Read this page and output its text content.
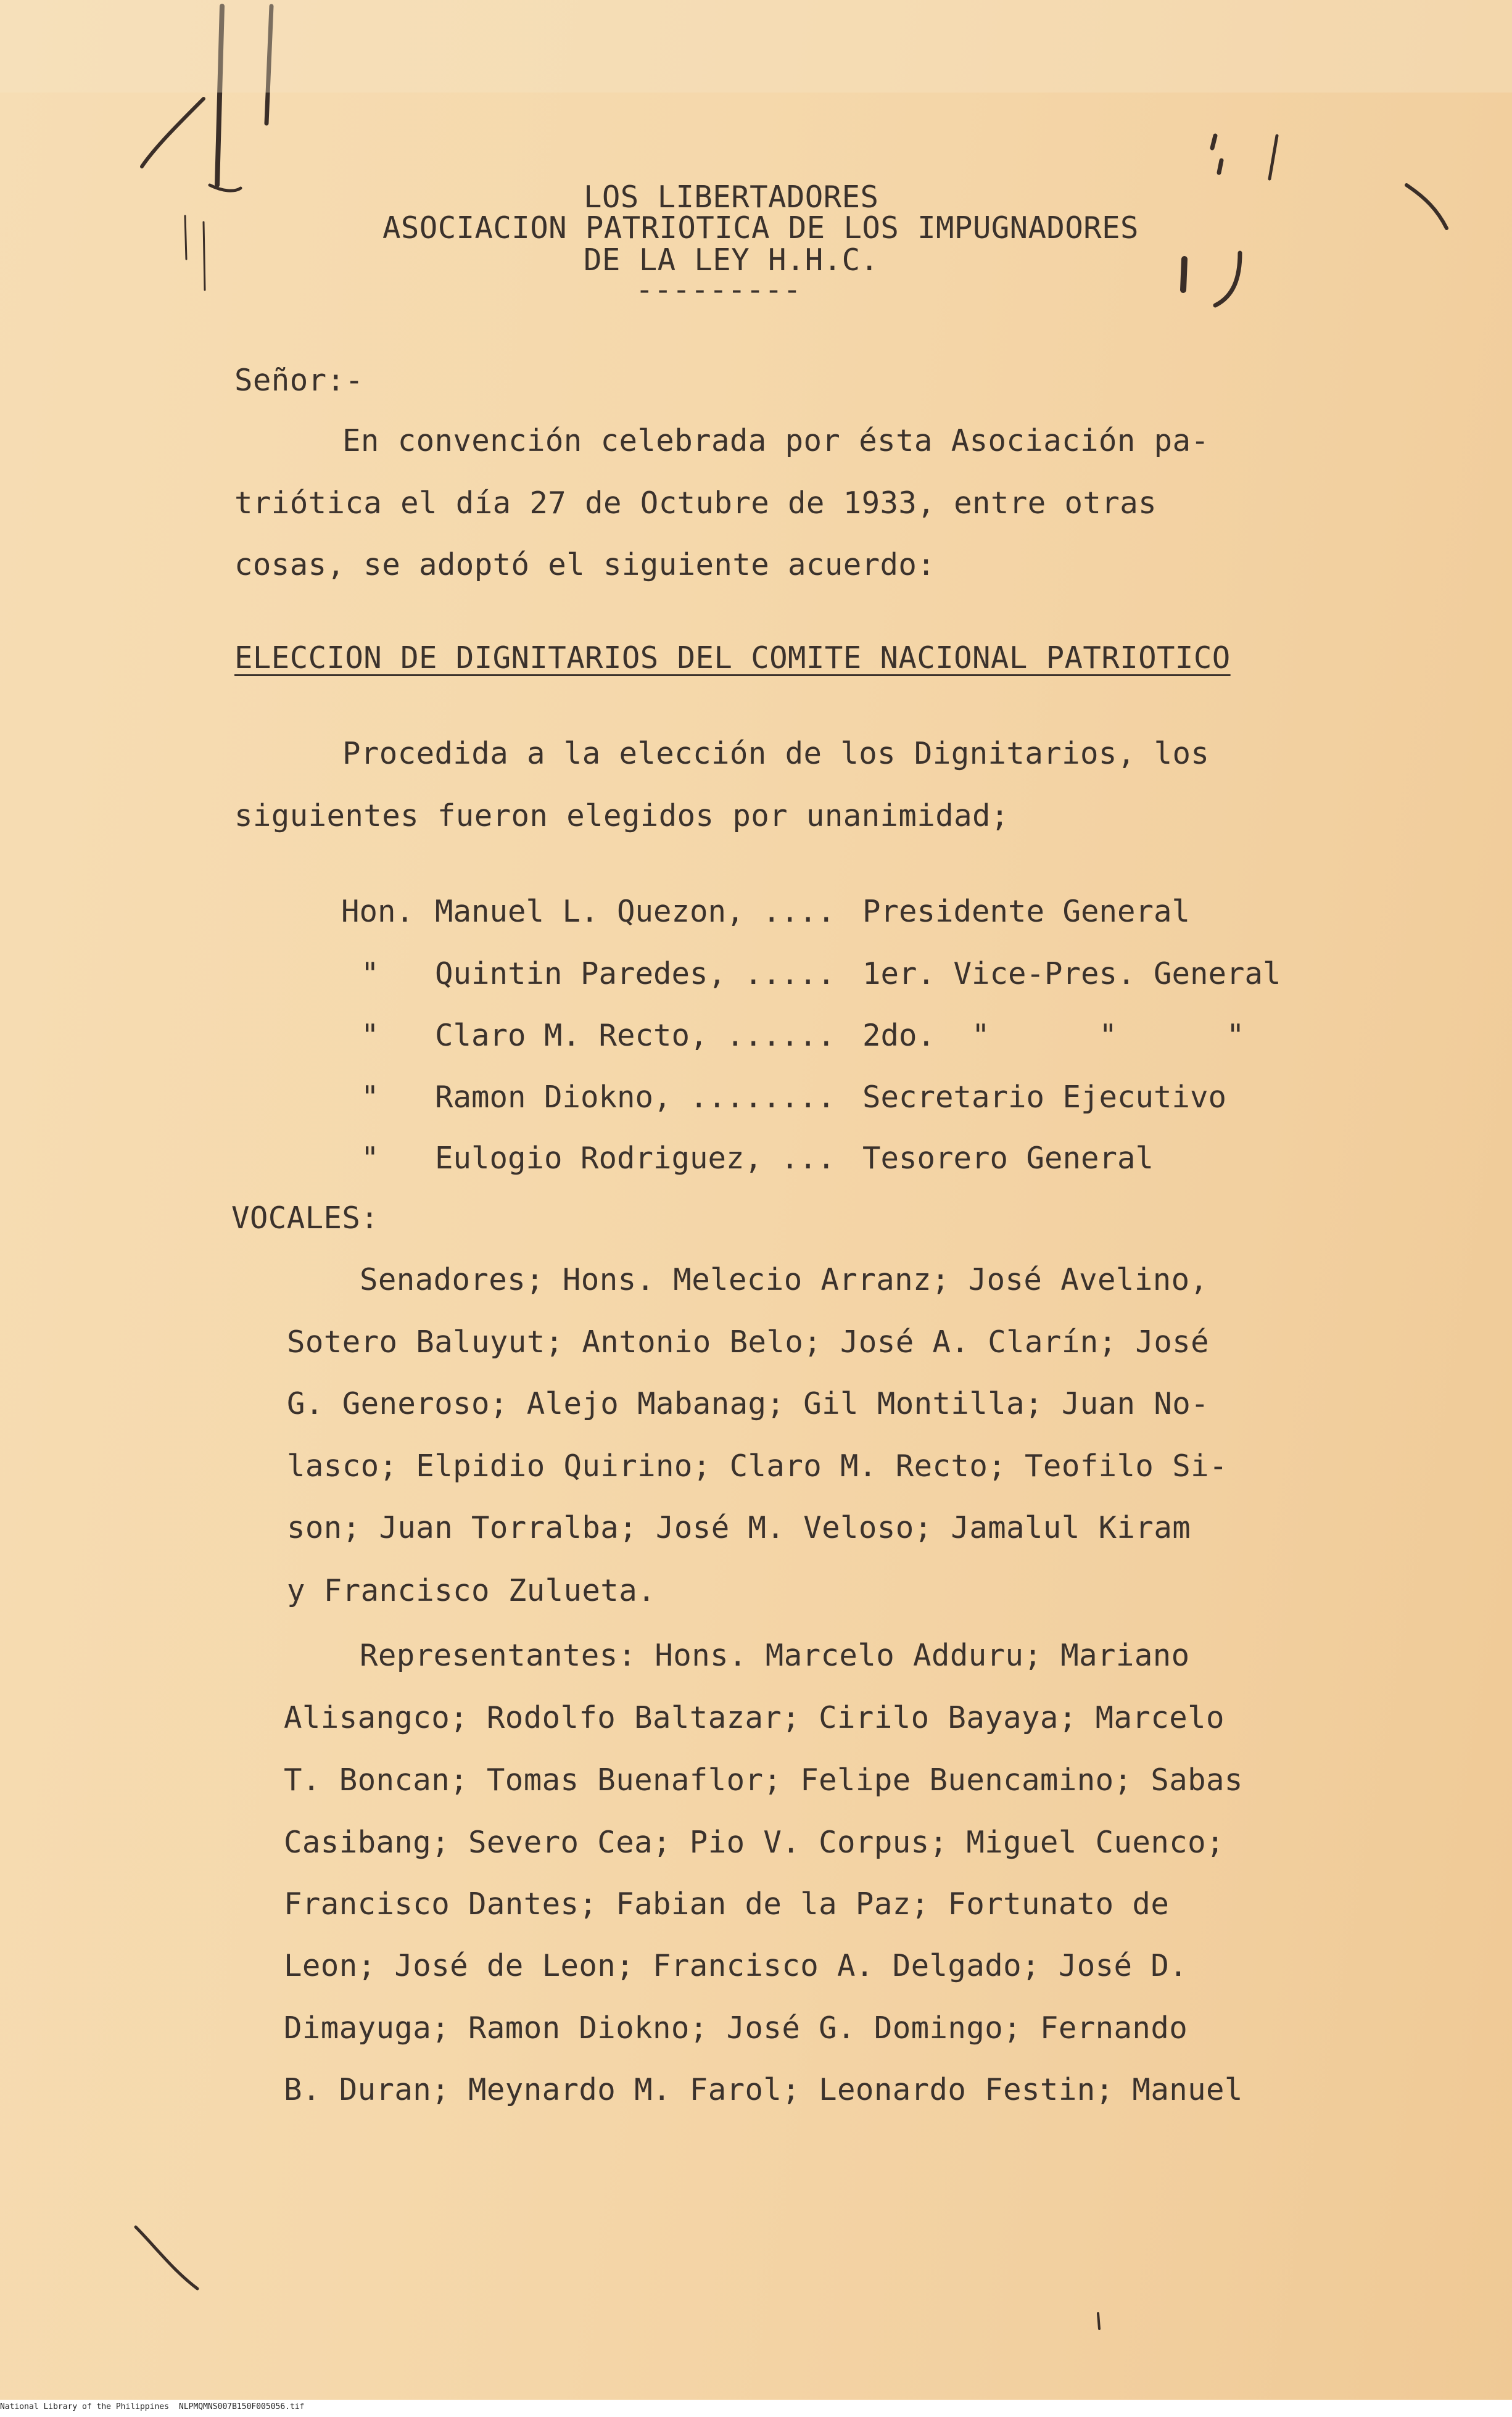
LOS LIBERTADORES
ASOCIACION PATRIOTICA DE LOS IMPUGNADORES
DE LA LEY H.H.C.
---------
Señor:-
En convención celebrada por ésta Asociación pa-
triótica el día 27 de Octubre de 1933, entre otras
cosas, se adoptó el siguiente acuerdo:
ELECCION DE DIGNITARIOS DEL COMITE NACIONAL PATRIOTICO
Procedida a la elección de los Dignitarios, los
siguientes fueron elegidos por unanimidad;
Hon. Manuel L. Quezon, .... Presidente General
" Quintin Paredes, ..... 1er. Vice-Pres. General
" Claro M. Recto, ...... 2do.  "      "      "
" Ramon Diokno, ........ Secretario Ejecutivo
" Eulogio Rodriguez, ... Tesorero General
VOCALES:
Senadores; Hons. Melecio Arranz; José Avelino,
Sotero Baluyut; Antonio Belo; José A. Clarín; José
G. Generoso; Alejo Mabanag; Gil Montilla; Juan No-
lasco; Elpidio Quirino; Claro M. Recto; Teofilo Si-
son; Juan Torralba; José M. Veloso; Jamalul Kiram
y Francisco Zulueta.
Representantes: Hons. Marcelo Adduru; Mariano
Alisangco; Rodolfo Baltazar; Cirilo Bayaya; Marcelo
T. Boncan; Tomas Buenaflor; Felipe Buencamino; Sabas
Casibang; Severo Cea; Pio V. Corpus; Miguel Cuenco;
Francisco Dantes; Fabian de la Paz; Fortunato de
Leon; José de Leon; Francisco A. Delgado; José D.
Dimayuga; Ramon Diokno; José G. Domingo; Fernando
B. Duran; Meynardo M. Farol; Leonardo Festin; Manuel
National Library of the Philippines NLPMQMNS007B150F005056.tif
